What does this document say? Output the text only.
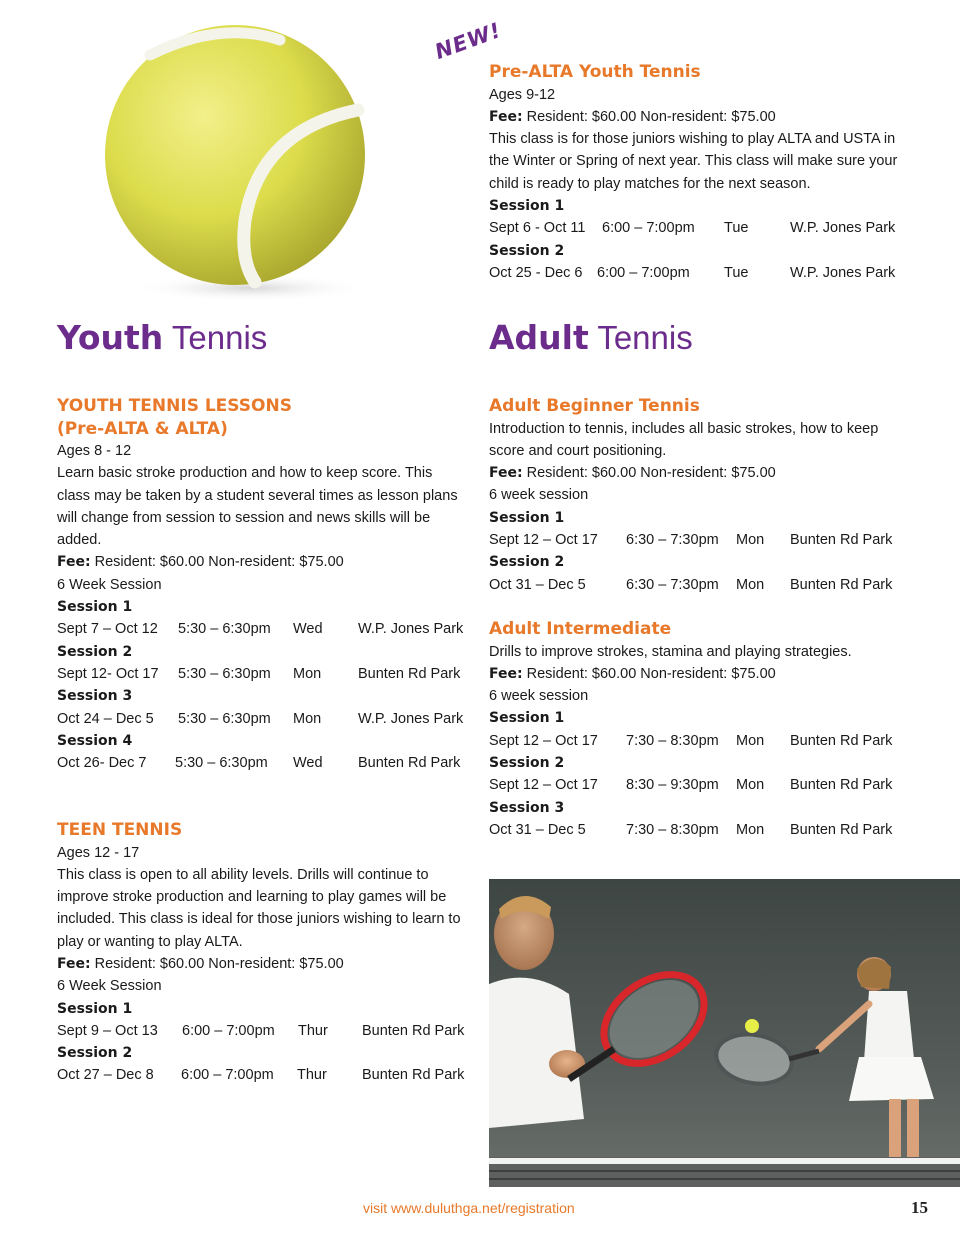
NEW!
Pre-ALTA Youth Tennis
Ages 9-12
Fee: Resident: $60.00 Non-resident: $75.00
This class is for those juniors wishing to play ALTA and USTA in the Winter or Spring of next year. This class will make sure your child is ready to play matches for the next season.
Session 1
Sept 6 - Oct 11	6:00 – 7:00pm	Tue	W.P. Jones Park
Session 2
Oct 25 - Dec 6	6:00 – 7:00pm	Tue	W.P. Jones Park
Youth Tennis	Adult Tennis
YOUTH TENNIS LESSONS
(Pre-ALTA & ALTA)
Ages 8 - 12
Learn basic stroke production and how to keep score. This class may be taken by a student several times as lesson plans will change from session to session and news skills will be added.
Fee: Resident: $60.00 Non-resident: $75.00
6 Week Session
Session 1
Sept 7 – Oct 12	5:30 – 6:30pm	Wed	W.P. Jones Park
Session 2
Sept 12- Oct 17	5:30 – 6:30pm	Mon	Bunten Rd Park
Session 3
Oct 24 – Dec 5	5:30 – 6:30pm	Mon	W.P. Jones Park
Session 4
Oct 26- Dec 7	5:30 – 6:30pm	Wed	Bunten Rd Park
TEEN TENNIS
Ages 12 - 17
This class is open to all ability levels. Drills will continue to improve stroke production and learning to play games will be included. This class is ideal for those juniors wishing to learn to play or wanting to play ALTA.
Fee: Resident: $60.00 Non-resident: $75.00
6 Week Session
Session 1
Sept 9 – Oct 13	6:00 – 7:00pm	Thur	Bunten Rd Park
Session 2
Oct 27 – Dec 8	6:00 – 7:00pm	Thur	Bunten Rd Park
Adult Beginner Tennis
Introduction to tennis, includes all basic strokes, how to keep score and court positioning.
Fee: Resident: $60.00 Non-resident: $75.00
6 week session
Session 1
Sept 12 – Oct 17	6:30 – 7:30pm	Mon	Bunten Rd Park
Session 2
Oct 31 – Dec 5	6:30 – 7:30pm	Mon	Bunten Rd Park
Adult Intermediate
Drills to improve strokes, stamina and playing strategies.
Fee: Resident: $60.00 Non-resident: $75.00
6 week session
Session 1
Sept 12 – Oct 17	7:30 – 8:30pm	Mon	Bunten Rd Park
Session 2
Sept 12 – Oct 17	8:30 – 9:30pm	Mon	Bunten Rd Park
Session 3
Oct 31 – Dec 5	7:30 – 8:30pm	Mon	Bunten Rd Park
visit www.duluthga.net/registration	15
